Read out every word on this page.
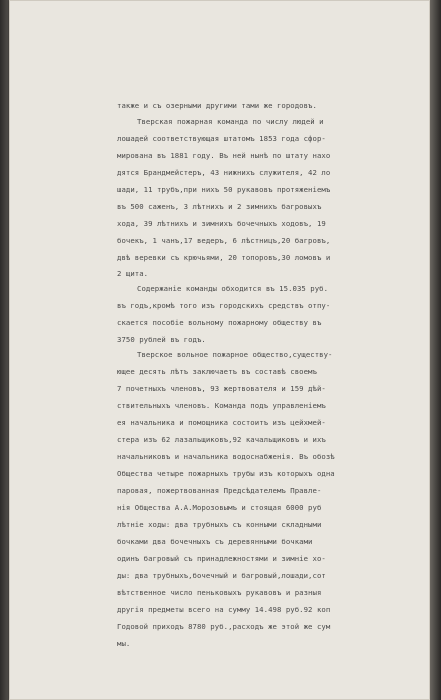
также и съ озерными другими тами же городовъ.
Тверская пожарная команда по числу людей и
лошадей соответствующая штатомъ 1853 года сфор-
мирована въ 1881 году. Въ ней нынѣ по штату нахо
дятся Брандмейстеръ, 43 нижнихъ служителя, 42 ло
шади, 11 трубъ,при нихъ 50 рукавовъ протяженіемъ
въ 500 саженъ, 3 лѣтнихъ и 2 зимнихъ багровыхъ
хода, 39 лѣтнихъ и зимнихъ бочечныхъ ходовъ, 19
бочекъ, 1 чанъ,17 ведеръ, 6 лѣстницъ,20 багровъ,
двѣ веревки съ крючьями, 20 топоровъ,30 ломовъ и
2 щита.
Содержаніе команды обходится въ 15.035 руб.
въ годъ,кромѣ того изъ городскихъ средствъ отпу-
скается пособіе вольному пожарному обществу въ
3750 рублей въ годъ.
Тверское вольное пожарное общество,существу-
ющее десять лѣтъ заключаетъ въ составѣ своемъ
7 почетныхъ членовъ, 93 жертвователя и 159 дѣй-
ствительныхъ членовъ. Команда подъ управленіемъ
ея начальника и помощника состоитъ изъ цейхмей-
стера изъ 62 лазальщиковъ,92 качальщиковъ и ихъ
начальниковъ и начальника водоснабженія. Въ обозѣ
Общества четыре пожарныхъ трубы изъ которыхъ одна
паровая, пожертвованная Предсѣдателемъ Правле-
нія Общества А.А.Морозовымъ и стоящая 6000 руб
лѣтніе ходы: два трубныхъ съ конными складными
бочками два бочечныхъ съ деревянными бочками
одинъ багровый съ принадлежностями и зимніе хо-
ды: два трубныхъ,бочечный и багровый,лошади,сот
вѣтственное число пеньковыхъ рукавовъ и разныя
другія предметы всего на сумму 14.498 руб.92 коп
Годовой приходъ 8780 руб.,расходъ же этой же сум
мы.
